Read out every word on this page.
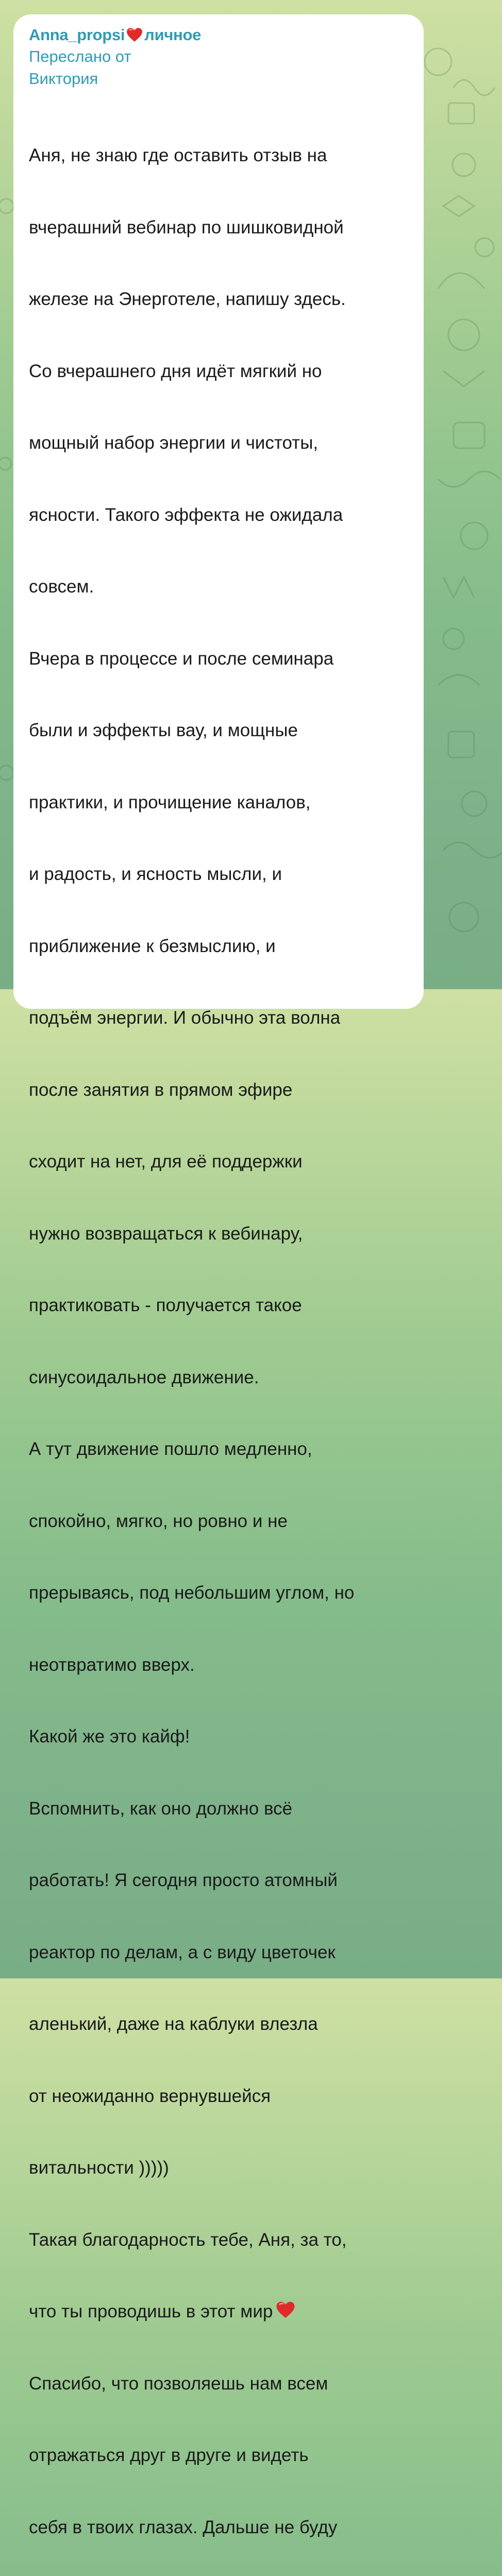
Anna_propsi личное
Переслано от
Виктория

Аня, не знаю где оставить отзыв на

вчерашний вебинар по шишковидной

железе на Энерготеле, напишу здесь.

Со вчерашнего дня идёт мягкий но

мощный набор энергии и чистоты,

ясности. Такого эффекта не ожидала

совсем.

Вчера в процессе и после семинара

были и эффекты вау, и мощные

практики, и прочищение каналов,

и радость, и ясность мысли, и

приближение к безмыслию, и

подъём энергии. И обычно эта волна

после занятия в прямом эфире

сходит на нет, для её поддержки

нужно возвращаться к вебинару,

практиковать - получается такое

синусоидальное движение.

А тут движение пошло медленно,

спокойно, мягко, но ровно и не

прерываясь, под небольшим углом, но

неотвратимо вверх.

Какой же это кайф!

Вспомнить, как оно должно всё

работать! Я сегодня просто атомный

реактор по делам, а с виду цветочек

аленький, даже на каблуки влезла

от неожиданно вернувшейся

витальности )))))

Такая благодарность тебе, Аня, за то,

что ты проводишь в этот мир

Спасибо, что позволяешь нам всем

отражаться друг в друге и видеть

себя в твоих глазах. Дальше не буду
